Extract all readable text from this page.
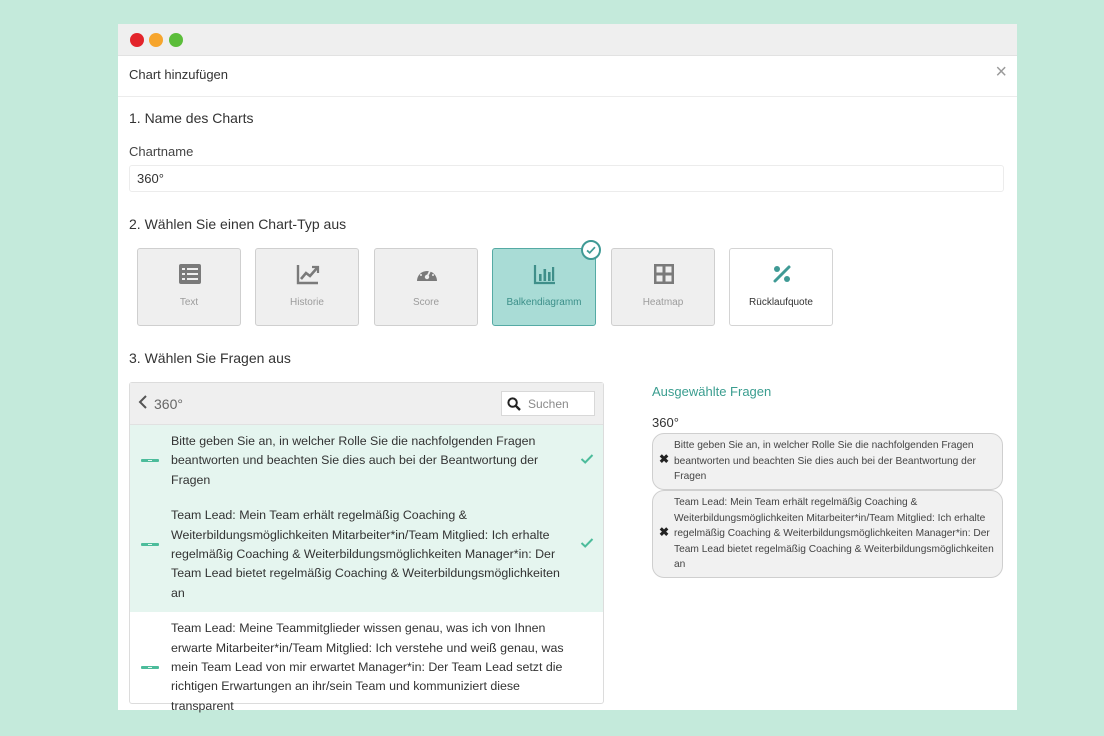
Chart hinzufügen	×
1. Name des Charts
Chartname
360°
2. Wählen Sie einen Chart-Typ aus
Text	Historie	Score	Balkendiagramm	Heatmap	Rücklaufquote
3. Wählen Sie Fragen aus
360°
Suchen
Bitte geben Sie an, in welcher Rolle Sie die nachfolgenden Fragen beantworten und beachten Sie dies auch bei der Beantwortung der Fragen
Team Lead: Mein Team erhält regelmäßig Coaching & Weiterbildungsmöglichkeiten Mitarbeiter*in/Team Mitglied: Ich erhalte regelmäßig Coaching & Weiterbildungsmöglichkeiten Manager*in: Der Team Lead bietet regelmäßig Coaching & Weiterbildungsmöglichkeiten an
Team Lead: Meine Teammitglieder wissen genau, was ich von Ihnen erwarte Mitarbeiter*in/Team Mitglied: Ich verstehe und weiß genau, was mein Team Lead von mir erwartet Manager*in: Der Team Lead setzt die richtigen Erwartungen an ihr/sein Team und kommuniziert diese transparent
Ausgewählte Fragen
360°
✖
Bitte geben Sie an, in welcher Rolle Sie die nachfolgenden Fragen beantworten und beachten Sie dies auch bei der Beantwortung der Fragen
✖
Team Lead: Mein Team erhält regelmäßig Coaching & Weiterbildungsmöglichkeiten Mitarbeiter*in/Team Mitglied: Ich erhalte regelmäßig Coaching & Weiterbildungsmöglichkeiten Manager*in: Der Team Lead bietet regelmäßig Coaching & Weiterbildungsmöglichkeiten an
